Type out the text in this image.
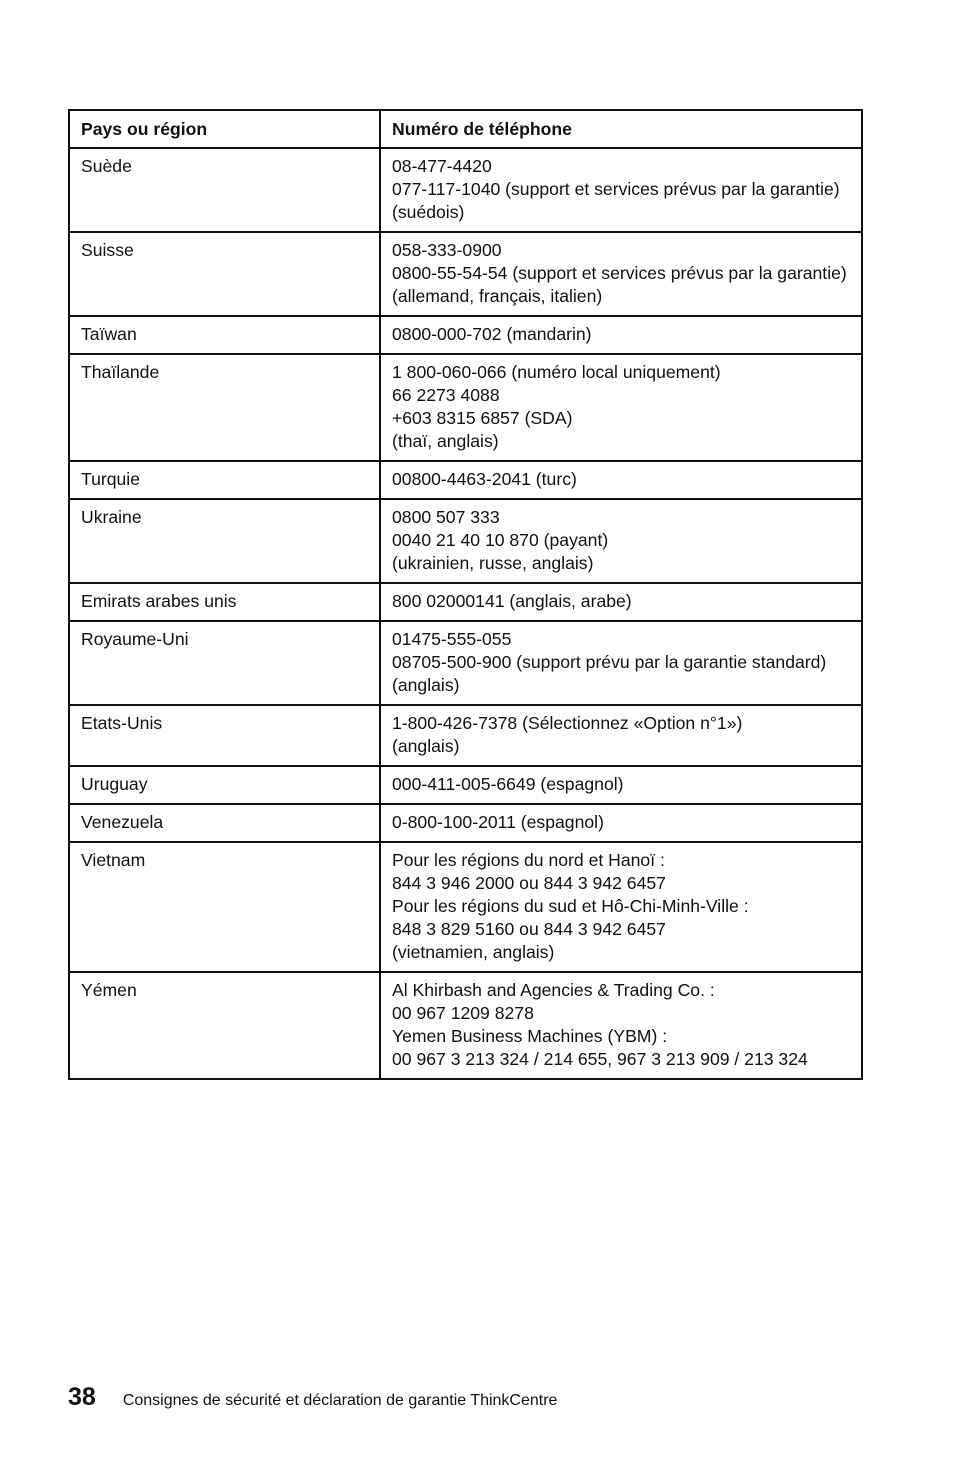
Pays ou région	Numéro de téléphone
Suède	08-477-4420
077-117-1040 (support et services prévus par la garantie)
(suédois)

Suisse	058-333-0900
0800-55-54-54 (support et services prévus par la garantie)
(allemand, français, italien)

Taïwan	0800-000-702 (mandarin)

Thaïlande	1 800-060-066 (numéro local uniquement)
66 2273 4088
+603 8315 6857 (SDA)
(thaï, anglais)

Turquie	00800-4463-2041 (turc)

Ukraine	0800 507 333
0040 21 40 10 870 (payant)
(ukrainien, russe, anglais)

Emirats arabes unis	800 02000141 (anglais, arabe)

Royaume-Uni	01475-555-055
08705-500-900 (support prévu par la garantie standard)
(anglais)

Etats-Unis	1-800-426-7378 (Sélectionnez «Option n°1»)
(anglais)

Uruguay	000-411-005-6649 (espagnol)

Venezuela	0-800-100-2011 (espagnol)

Vietnam	Pour les régions du nord et Hanoï :
844 3 946 2000 ou 844 3 942 6457
Pour les régions du sud et Hô-Chi-Minh-Ville :
848 3 829 5160 ou 844 3 942 6457
(vietnamien, anglais)

Yémen	Al Khirbash and Agencies & Trading Co. :
00 967 1209 8278
Yemen Business Machines (YBM) :
00 967 3 213 324 / 214 655, 967 3 213 909 / 213 324
38 Consignes de sécurité et déclaration de garantie ThinkCentre
